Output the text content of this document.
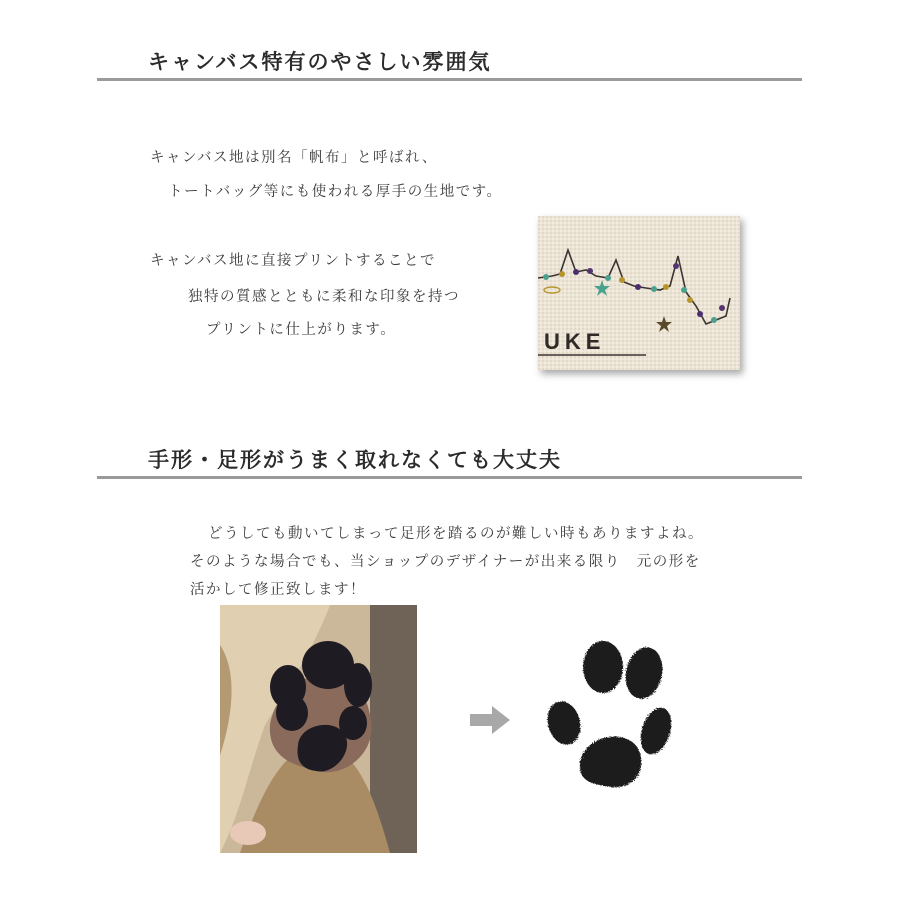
キャンバス特有のやさしい雰囲気

キャンバス地は別名「帆布」と呼ばれ、

トートバッグ等にも使われる厚手の生地です。

キャンバス地に直接プリントすることで

独特の質感とともに柔和な印象を持つ

プリントに仕上がります。	UKE
手形・足形がうまく取れなくても大丈夫

どうしても動いてしまって足形を踏るのが難しい時もありますよね。

そのような場合でも、当ショップのデザイナーが出来る限り　元の形を

活かして修正致します！
